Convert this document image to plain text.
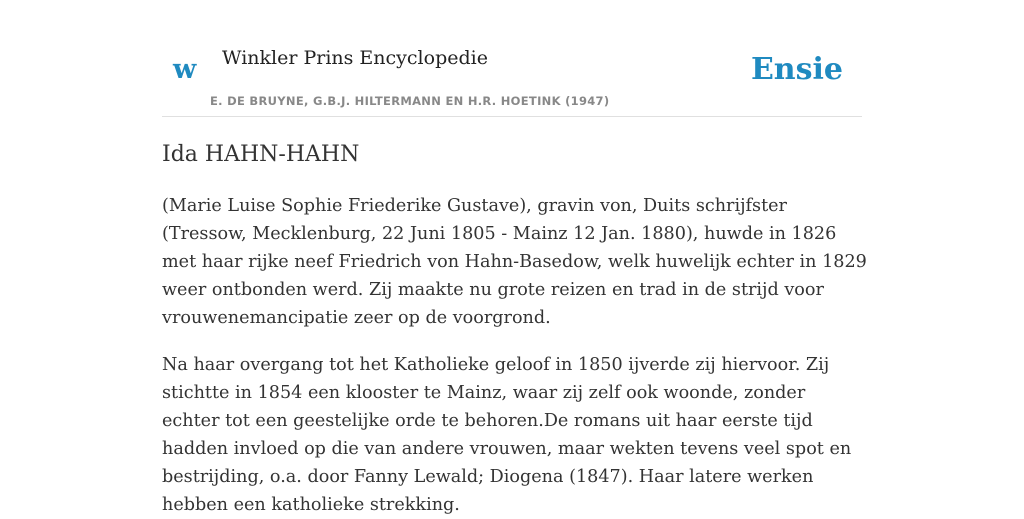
w Winkler Prins Encyclopedie
E. DE BRUYNE, G.B.J. HILTERMANN EN H.R. HOETINK (1947)
Ensie
Ida HAHN-HAHN

(Marie Luise Sophie Friederike Gustave), gravin von, Duits schrijfster (Tressow, Mecklenburg, 22 Juni 1805 - Mainz 12 Jan. 1880), huwde in 1826 met haar rijke neef Friedrich von Hahn-Basedow, welk huwelijk echter in 1829 weer ontbonden werd. Zij maakte nu grote reizen en trad in de strijd voor vrouwenemancipatie zeer op de voorgrond.

Na haar overgang tot het Katholieke geloof in 1850 ijverde zij hiervoor. Zij stichtte in 1854 een klooster te Mainz, waar zij zelf ook woonde, zonder echter tot een geestelijke orde te behoren.De romans uit haar eerste tijd hadden invloed op die van andere vrouwen, maar wekten tevens veel spot en bestrijding, o.a. door Fanny Lewald; Diogena (1847). Haar latere werken hebben een katholieke strekking.
